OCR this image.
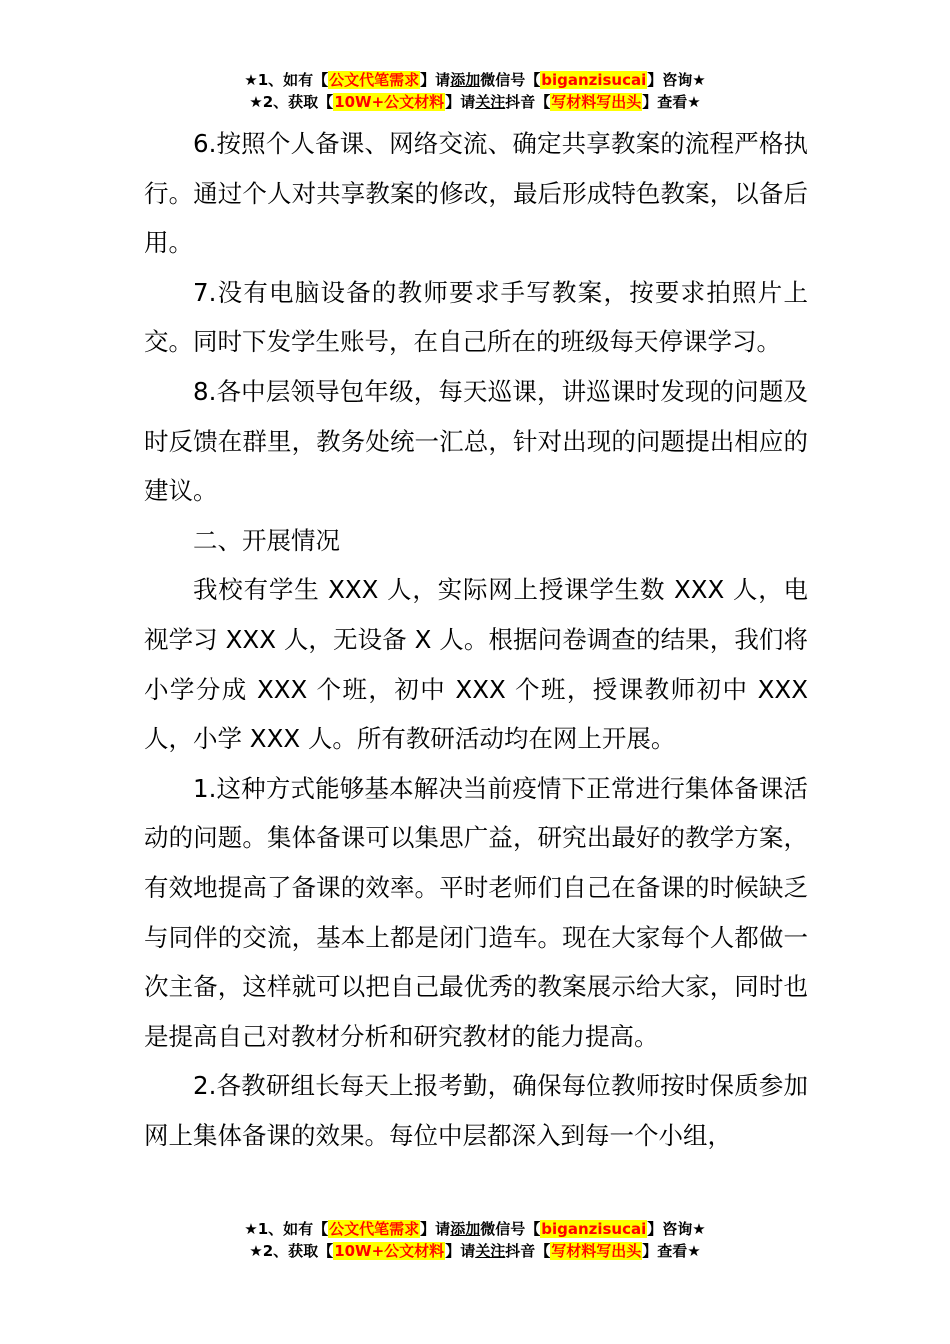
★1、如有【公文代笔需求】请添加微信号【biganzisucai】咨询★
★2、获取【10W+公文材料】请关注抖音【写材料写出头】查看★

6.按照个人备课、网络交流、确定共享教案的流程严格执行。通过个人对共享教案的修改，最后形成特色教案，以备后用。

7.没有电脑设备的教师要求手写教案，按要求拍照片上交。同时下发学生账号，在自己所在的班级每天停课学习。

8.各中层领导包年级，每天巡课，讲巡课时发现的问题及时反馈在群里，教务处统一汇总，针对出现的问题提出相应的建议。

二、开展情况

我校有学生 XXX 人，实际网上授课学生数 XXX 人，电视学习 XXX 人，无设备 X 人。根据问卷调查的结果，我们将小学分成 XXX 个班，初中 XXX 个班，授课教师初中 XXX 人，小学 XXX 人。所有教研活动均在网上开展。

1.这种方式能够基本解决当前疫情下正常进行集体备课活动的问题。集体备课可以集思广益，研究出最好的教学方案，有效地提高了备课的效率。平时老师们自己在备课的时候缺乏与同伴的交流，基本上都是闭门造车。现在大家每个人都做一次主备，这样就可以把自己最优秀的教案展示给大家，同时也是提高自己对教材分析和研究教材的能力提高。

2.各教研组长每天上报考勤，确保每位教师按时保质参加网上集体备课的效果。每位中层都深入到每一个小组，

★1、如有【公文代笔需求】请添加微信号【biganzisucai】咨询★
★2、获取【10W+公文材料】请关注抖音【写材料写出头】查看★
